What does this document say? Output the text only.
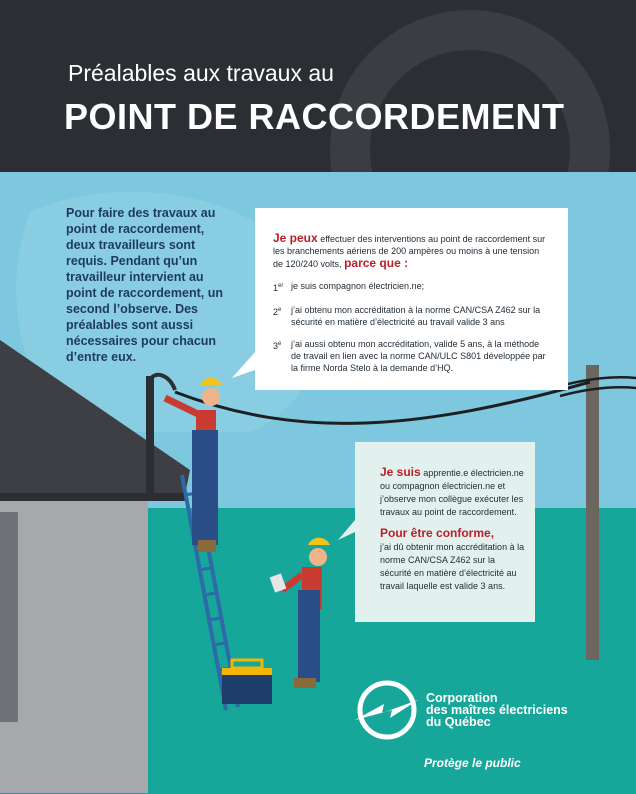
Préalables aux travaux au
POINT DE RACCORDEMENT
Pour faire des travaux au point de raccordement, deux travailleurs sont requis. Pendant qu’un travailleur intervient au point de raccordement, un second l’observe. Des préalables sont aussi nécessaires pour chacun d’entre eux.
Je peux effectuer des interventions au point de raccordement sur les branchements aériens de 200 ampères ou moins à une tension de 120/240 volts, parce que :
1er je suis compagnon électricien.ne;
2e	j’ai obtenu mon accréditation à la norme CAN/CSA Z462 sur la sécurité en matière d’électricité au travail valide 3 ans
3e	j’ai aussi obtenu mon accréditation, valide 5 ans, à la méthode de travail en lien avec la norme CAN/ULC S801 développée par la firme Norda Stelo à la demande d’HQ.
Je suis apprentie.e électricien.ne ou compagnon électricien.ne et j’observe mon collègue exécuter les travaux au point de raccordement.
Pour être conforme,
j’ai dû obtenir mon accréditation à la norme CAN/CSA Z462 sur la sécurité en matière d’électricité au travail laquelle est valide 3 ans.
Corporation
des maîtres électriciens
du Québec
Protège le public
